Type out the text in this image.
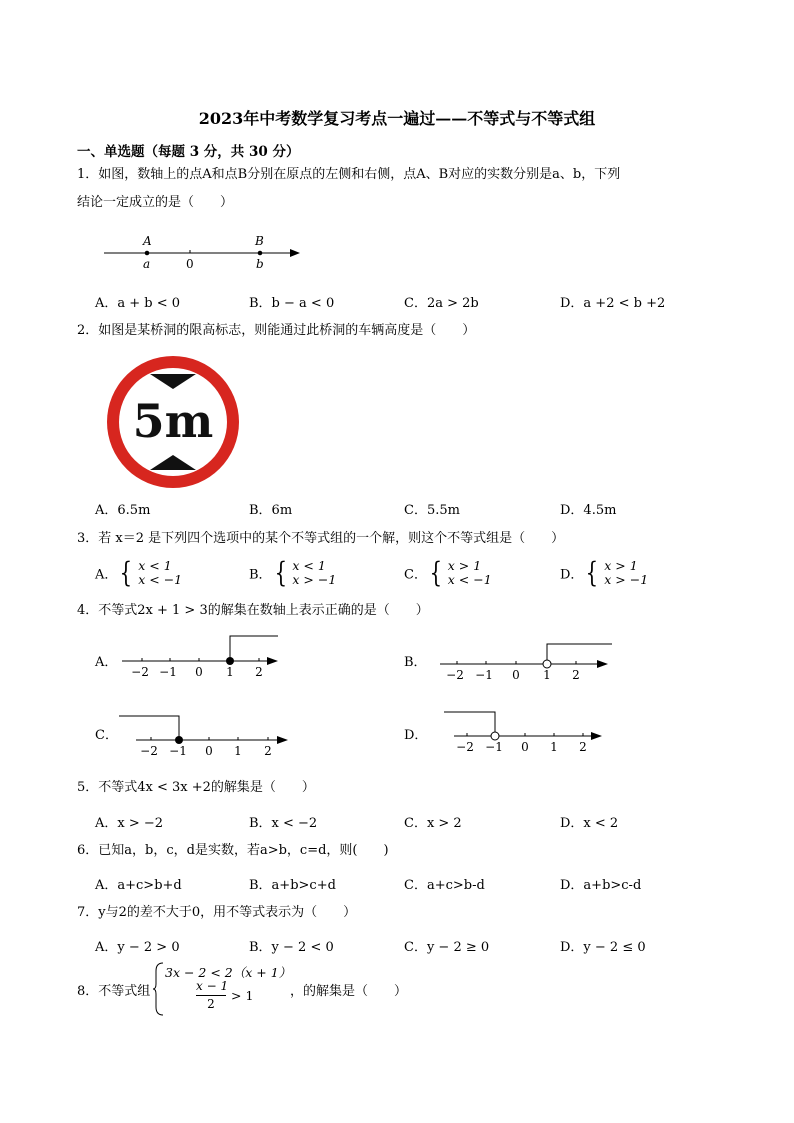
2023年中考数学复习考点一遍过——不等式与不等式组
一、单选题（每题 3 分，共 30 分）
1．如图，数轴上的点A和点B分别在原点的左侧和右侧，点A、B对应的实数分别是a、b，下列
结论一定成立的是（　　）
A	B
a	0	b
A．a + b < 0	B．b − a < 0	C．2a > 2b	D．a +2 < b +2
2．如图是某桥洞的限高标志，则能通过此桥洞的车辆高度是（　　）
5m
A．6.5m	B．6m	C．5.5m	D．4.5m
3．若 x＝2 是下列四个选项中的某个不等式组的一个解，则这个不等式组是（　　）
A．{ x < 1
x < −1	B．{ x < 1
x > −1	C．{ x > 1
x < −1	D．{ x > 1
x > −1
4．不等式2x + 1 > 3的解集在数轴上表示正确的是（　　）
A．
−2 −1 0 1 2
B．
−2 −1 0 1 2
C．
−2 −1 0 1 2
D．
−2 −1 0 1 2
5．不等式4x < 3x +2的解集是（　　）
A．x > −2	B．x < −2	C．x > 2	D．x < 2
6．已知a，b，c，d是实数，若a>b，c=d，则(　　)
A．a+c>b+d	B．a+b>c+d	C．a+c>b-d	D．a+b>c-d
7．y与2的差不大于0，用不等式表示为（　　）
A．y − 2 > 0	B．y − 2 < 0	C．y − 2 ≥ 0	D．y − 2 ≤ 0
8．不等式组
3x − 2 < 2（x + 1）
x − 1
2
> 1	，的解集是（　　）
